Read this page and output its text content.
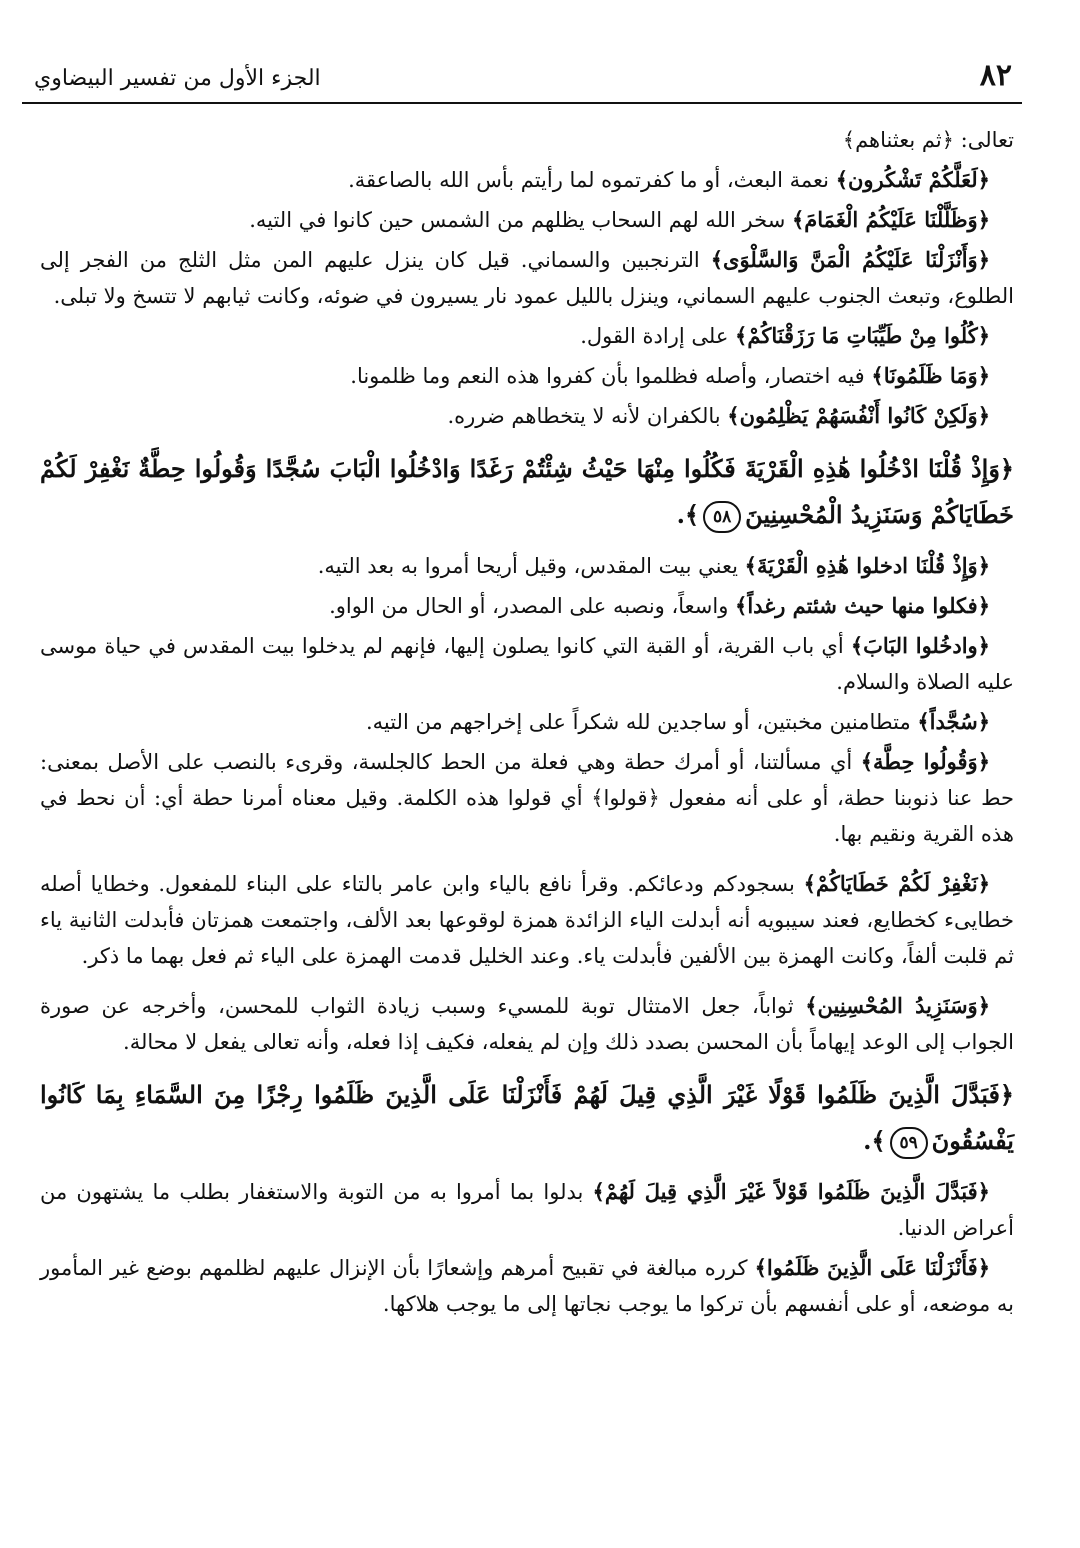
٨٢
الجزء الأول من تفسير البيضاوي

تعالى: ﴿ثم بعثناهم﴾

﴿لَعَلَّكُمْ تَشْكُرون﴾ نعمة البعث، أو ما كفرتموه لما رأيتم بأس الله بالصاعقة.

﴿وَظَلَّلْنَا عَلَيْكُمُ الْغَمَامَ﴾ سخر الله لهم السحاب يظلهم من الشمس حين كانوا في التيه.

﴿وَأَنْزَلْنَا عَلَيْكُمُ الْمَنَّ وَالسَّلْوَى﴾ الترنجبين والسماني. قيل كان ينزل عليهم المن مثل الثلج من الفجر إلى الطلوع، وتبعث الجنوب عليهم السماني، وينزل بالليل عمود نار يسيرون في ضوئه، وكانت ثيابهم لا تتسخ ولا تبلى.

﴿كُلُوا مِنْ طَيِّبَاتِ مَا رَزَقْنَاكُمْ﴾ على إرادة القول.

﴿وَمَا ظَلَمُونَا﴾ فيه اختصار، وأصله فظلموا بأن كفروا هذه النعم وما ظلمونا.

﴿وَلَكِنْ كَانُوا أَنْفُسَهُمْ يَظْلِمُون﴾ بالكفران لأنه لا يتخطاهم ضرره.

﴿وَإِذْ قُلْنَا ادْخُلُوا هَٰذِهِ الْقَرْيَةَ فَكُلُوا مِنْهَا حَيْثُ شِئْتُمْ رَغَدًا وَادْخُلُوا الْبَابَ سُجَّدًا وَقُولُوا حِطَّةٌ نَغْفِرْ لَكُمْ خَطَايَاكُمْ وَسَنَزِيدُ الْمُحْسِنِينَ٥٨﴾.

﴿وَإِذْ قُلْنَا ادخلوا هَٰذِهِ الْقَرْيَةَ﴾ يعني بيت المقدس، وقيل أريحا أمروا به بعد التيه.

﴿فكلوا منها حيث شئتم رغداً﴾ واسعاً، ونصبه على المصدر، أو الحال من الواو.

﴿وادخُلوا البَابَ﴾ أي باب القرية، أو القبة التي كانوا يصلون إليها، فإنهم لم يدخلوا بيت المقدس في حياة موسى عليه الصلاة والسلام.

﴿سُجَّداً﴾ متطامنين مخبتين، أو ساجدين لله شكراً على إخراجهم من التيه.

﴿وَقُولُوا حِطَّة﴾ أي مسألتنا، أو أمرك حطة وهي فعلة من الحط كالجلسة، وقرىء بالنصب على الأصل بمعنى: حط عنا ذنوبنا حطة، أو على أنه مفعول ﴿قولوا﴾ أي قولوا هذه الكلمة. وقيل معناه أمرنا حطة أي: أن نحط في هذه القرية ونقيم بها.

﴿نَغْفِرْ لَكُمْ خَطَايَاكُمْ﴾ بسجودكم ودعائكم. وقرأ نافع بالياء وابن عامر بالتاء على البناء للمفعول. وخطايا أصله خطايىء كخطايع، فعند سيبويه أنه أبدلت الياء الزائدة همزة لوقوعها بعد الألف، واجتمعت همزتان فأبدلت الثانية ياء ثم قلبت ألفاً، وكانت الهمزة بين الألفين فأبدلت ياء. وعند الخليل قدمت الهمزة على الياء ثم فعل بهما ما ذكر.

﴿وَسَنَزِيدُ المُحْسِنِين﴾ ثواباً، جعل الامتثال توبة للمسيء وسبب زيادة الثواب للمحسن، وأخرجه عن صورة الجواب إلى الوعد إيهاماً بأن المحسن بصدد ذلك وإن لم يفعله، فكيف إذا فعله، وأنه تعالى يفعل لا محالة.

﴿فَبَدَّلَ الَّذِينَ ظَلَمُوا قَوْلًا غَيْرَ الَّذِي قِيلَ لَهُمْ فَأَنْزَلْنَا عَلَى الَّذِينَ ظَلَمُوا رِجْزًا مِنَ السَّمَاءِ بِمَا كَانُوا يَفْسُقُونَ٥٩﴾.

﴿فَبَدَّلَ الَّذِينَ ظَلَمُوا قَوْلاً غَيْرَ الَّذِي قِيلَ لَهُمْ﴾ بدلوا بما أمروا به من التوبة والاستغفار بطلب ما يشتهون من أعراض الدنيا.

﴿فَأَنْزَلْنَا عَلَى الَّذِينَ ظَلَمُوا﴾ كرره مبالغة في تقبيح أمرهم وإشعارًا بأن الإنزال عليهم لظلمهم بوضع غير المأمور به موضعه، أو على أنفسهم بأن تركوا ما يوجب نجاتها إلى ما يوجب هلاكها.
